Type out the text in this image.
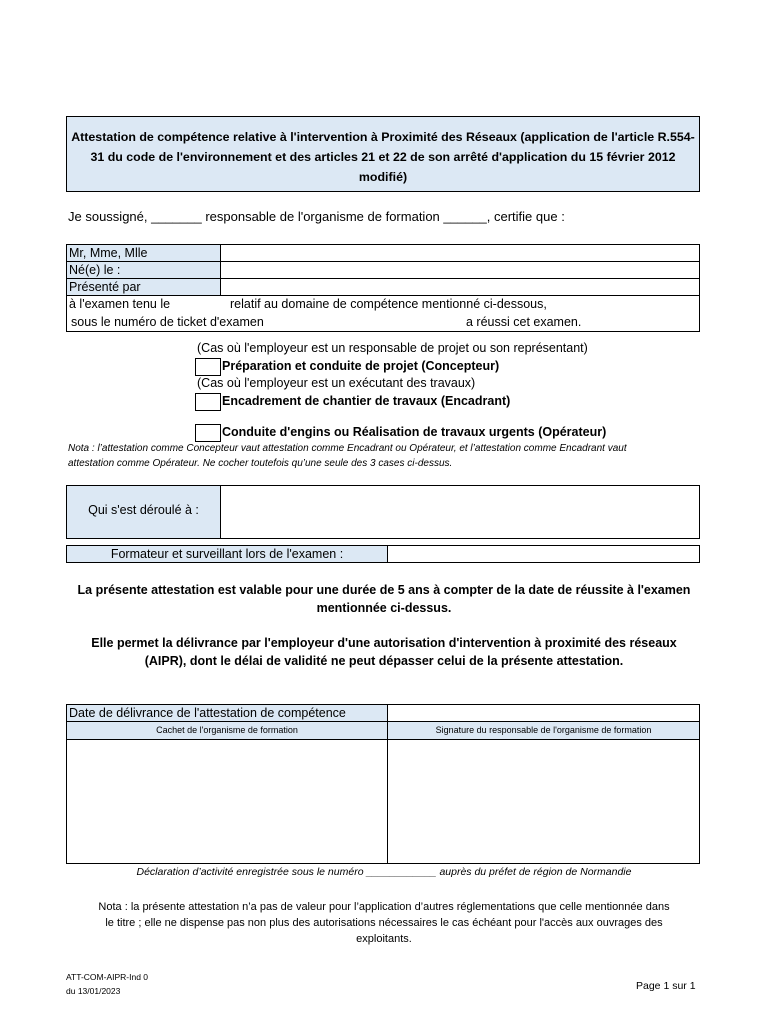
Attestation de compétence relative à l'intervention à Proximité des Réseaux (application de l'article R.554-
31 du code de l'environnement et des articles 21 et 22 de son arrêté d'application du 15 février 2012
modifié)
Je soussigné, _______ responsable de l'organisme de formation ______, certifie que :
Mr, Mme, Mlle
Né(e) le :
Présenté par
à l'examen tenu le	relatif au domaine de compétence mentionné ci-dessous,
sous le numéro de ticket d'examen	a réussi cet examen.
(Cas où l'employeur est un responsable de projet ou son représentant)
Préparation et conduite de projet (Concepteur)
(Cas où l'employeur est un exécutant des travaux)
Encadrement de chantier de travaux (Encadrant)
Conduite d'engins ou Réalisation de travaux urgents (Opérateur)
Nota : l’attestation comme Concepteur vaut attestation comme Encadrant ou Opérateur, et l’attestation comme Encadrant vaut
attestation comme Opérateur. Ne cocher toutefois qu’une seule des 3 cases ci-dessus.
Qui s'est déroulé à :
Formateur et surveillant lors de l'examen :
La présente attestation est valable pour une durée de 5 ans à compter de la date de réussite à l'examen
mentionnée ci-dessus.
Elle permet la délivrance par l'employeur d'une autorisation d'intervention à proximité des réseaux
(AIPR), dont le délai de validité ne peut dépasser celui de la présente attestation.
Date de délivrance de l'attestation de compétence
Cachet de l'organisme de formation	Signature du responsable de l'organisme de formation
Déclaration d’activité enregistrée sous le numéro ____________ auprès du préfet de région de Normandie
Nota : la présente attestation n’a pas de valeur pour l’application d’autres réglementations que celle mentionnée dans
le titre ; elle ne dispense pas non plus des autorisations nécessaires le cas échéant pour l'accès aux ouvrages des
exploitants.
ATT-COM-AIPR-Ind 0
du 13/01/2023	Page 1 sur 1
